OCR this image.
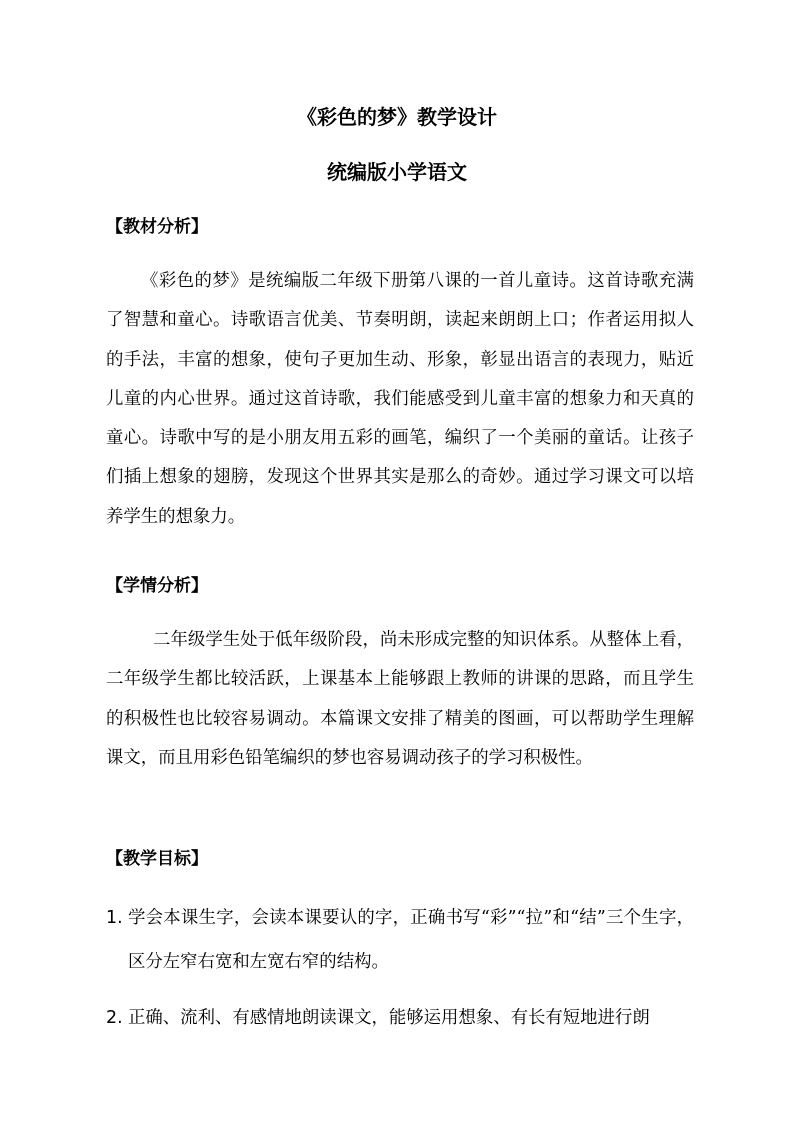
《彩色的梦》教学设计
统编版小学语文
【教材分析】

《彩色的梦》是统编版二年级下册第八课的一首儿童诗。这首诗歌充满了智慧和童心。诗歌语言优美、节奏明朗，读起来朗朗上口；作者运用拟人的手法，丰富的想象，使句子更加生动、形象，彰显出语言的表现力，贴近儿童的内心世界。通过这首诗歌，我们能感受到儿童丰富的想象力和天真的童心。诗歌中写的是小朋友用五彩的画笔，编织了一个美丽的童话。让孩子们插上想象的翅膀，发现这个世界其实是那么的奇妙。通过学习课文可以培养学生的想象力。

【学情分析】

二年级学生处于低年级阶段，尚未形成完整的知识体系。从整体上看，二年级学生都比较活跃，上课基本上能够跟上教师的讲课的思路，而且学生的积极性也比较容易调动。本篇课文安排了精美的图画，可以帮助学生理解课文，而且用彩色铅笔编织的梦也容易调动孩子的学习积极性。

【教学目标】
1. 学会本课生字，会读本课要认的字，正确书写“彩”“拉”和“结”三个生字，区分左窄右宽和左宽右窄的结构。
2. 正确、流利、有感情地朗读课文，能够运用想象、有长有短地进行朗
